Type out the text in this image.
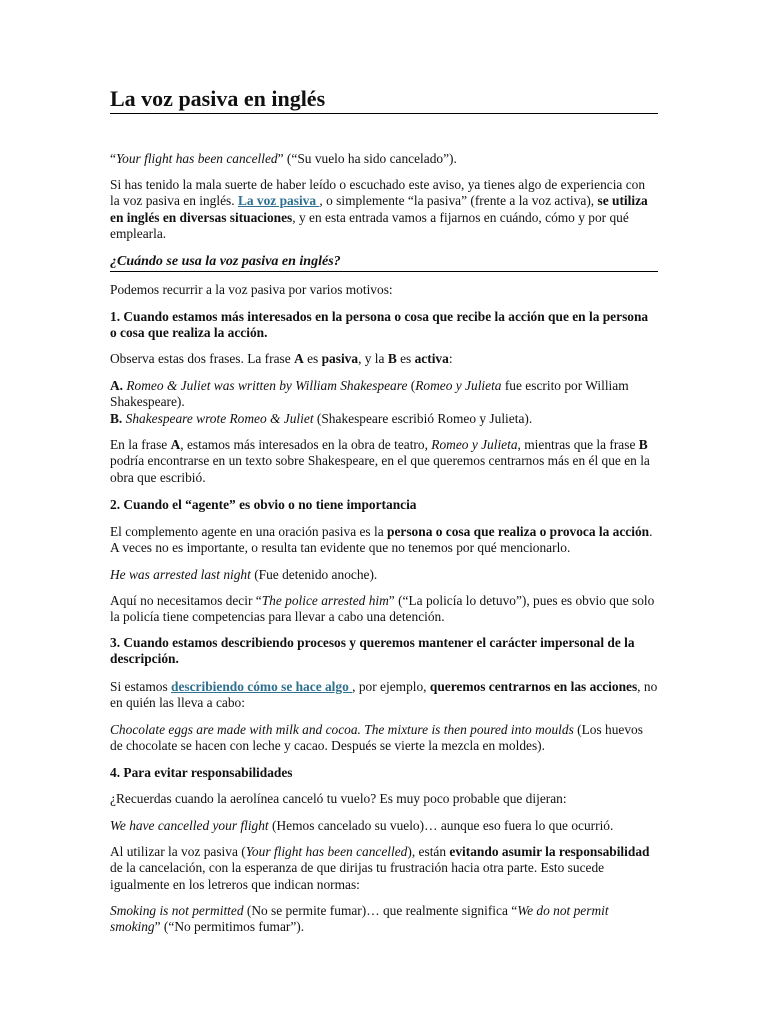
La voz pasiva en inglés

“Your flight has been cancelled” (“Su vuelo ha sido cancelado”).

Si has tenido la mala suerte de haber leído o escuchado este aviso, ya tienes algo de experiencia con la voz pasiva en inglés. La voz pasiva , o simplemente “la pasiva” (frente a la voz activa), se utiliza en inglés en diversas situaciones, y en esta entrada vamos a fijarnos en cuándo, cómo y por qué emplearla.

¿Cuándo se usa la voz pasiva en inglés?

Podemos recurrir a la voz pasiva por varios motivos:

1. Cuando estamos más interesados en la persona o cosa que recibe la acción que en la persona o cosa que realiza la acción.

Observa estas dos frases. La frase A es pasiva, y la B es activa:

A. Romeo & Juliet was written by William Shakespeare (Romeo y Julieta fue escrito por William Shakespeare).
B. Shakespeare wrote Romeo & Juliet (Shakespeare escribió Romeo y Julieta).

En la frase A, estamos más interesados en la obra de teatro, Romeo y Julieta, mientras que la frase B podría encontrarse en un texto sobre Shakespeare, en el que queremos centrarnos más en él que en la obra que escribió.

2. Cuando el “agente” es obvio o no tiene importancia

El complemento agente en una oración pasiva es la persona o cosa que realiza o provoca la acción. A veces no es importante, o resulta tan evidente que no tenemos por qué mencionarlo.

He was arrested last night (Fue detenido anoche).

Aquí no necesitamos decir “The police arrested him” (“La policía lo detuvo”), pues es obvio que solo la policía tiene competencias para llevar a cabo una detención.

3. Cuando estamos describiendo procesos y queremos mantener el carácter impersonal de la descripción.

Si estamos describiendo cómo se hace algo , por ejemplo, queremos centrarnos en las acciones, no en quién las lleva a cabo:

Chocolate eggs are made with milk and cocoa. The mixture is then poured into moulds (Los huevos de chocolate se hacen con leche y cacao. Después se vierte la mezcla en moldes).

4. Para evitar responsabilidades

¿Recuerdas cuando la aerolínea canceló tu vuelo? Es muy poco probable que dijeran:

We have cancelled your flight (Hemos cancelado su vuelo)… aunque eso fuera lo que ocurrió.

Al utilizar la voz pasiva (Your flight has been cancelled), están evitando asumir la responsabilidad de la cancelación, con la esperanza de que dirijas tu frustración hacia otra parte. Esto sucede igualmente en los letreros que indican normas:

Smoking is not permitted (No se permite fumar)… que realmente significa “We do not permit smoking” (“No permitimos fumar”).
